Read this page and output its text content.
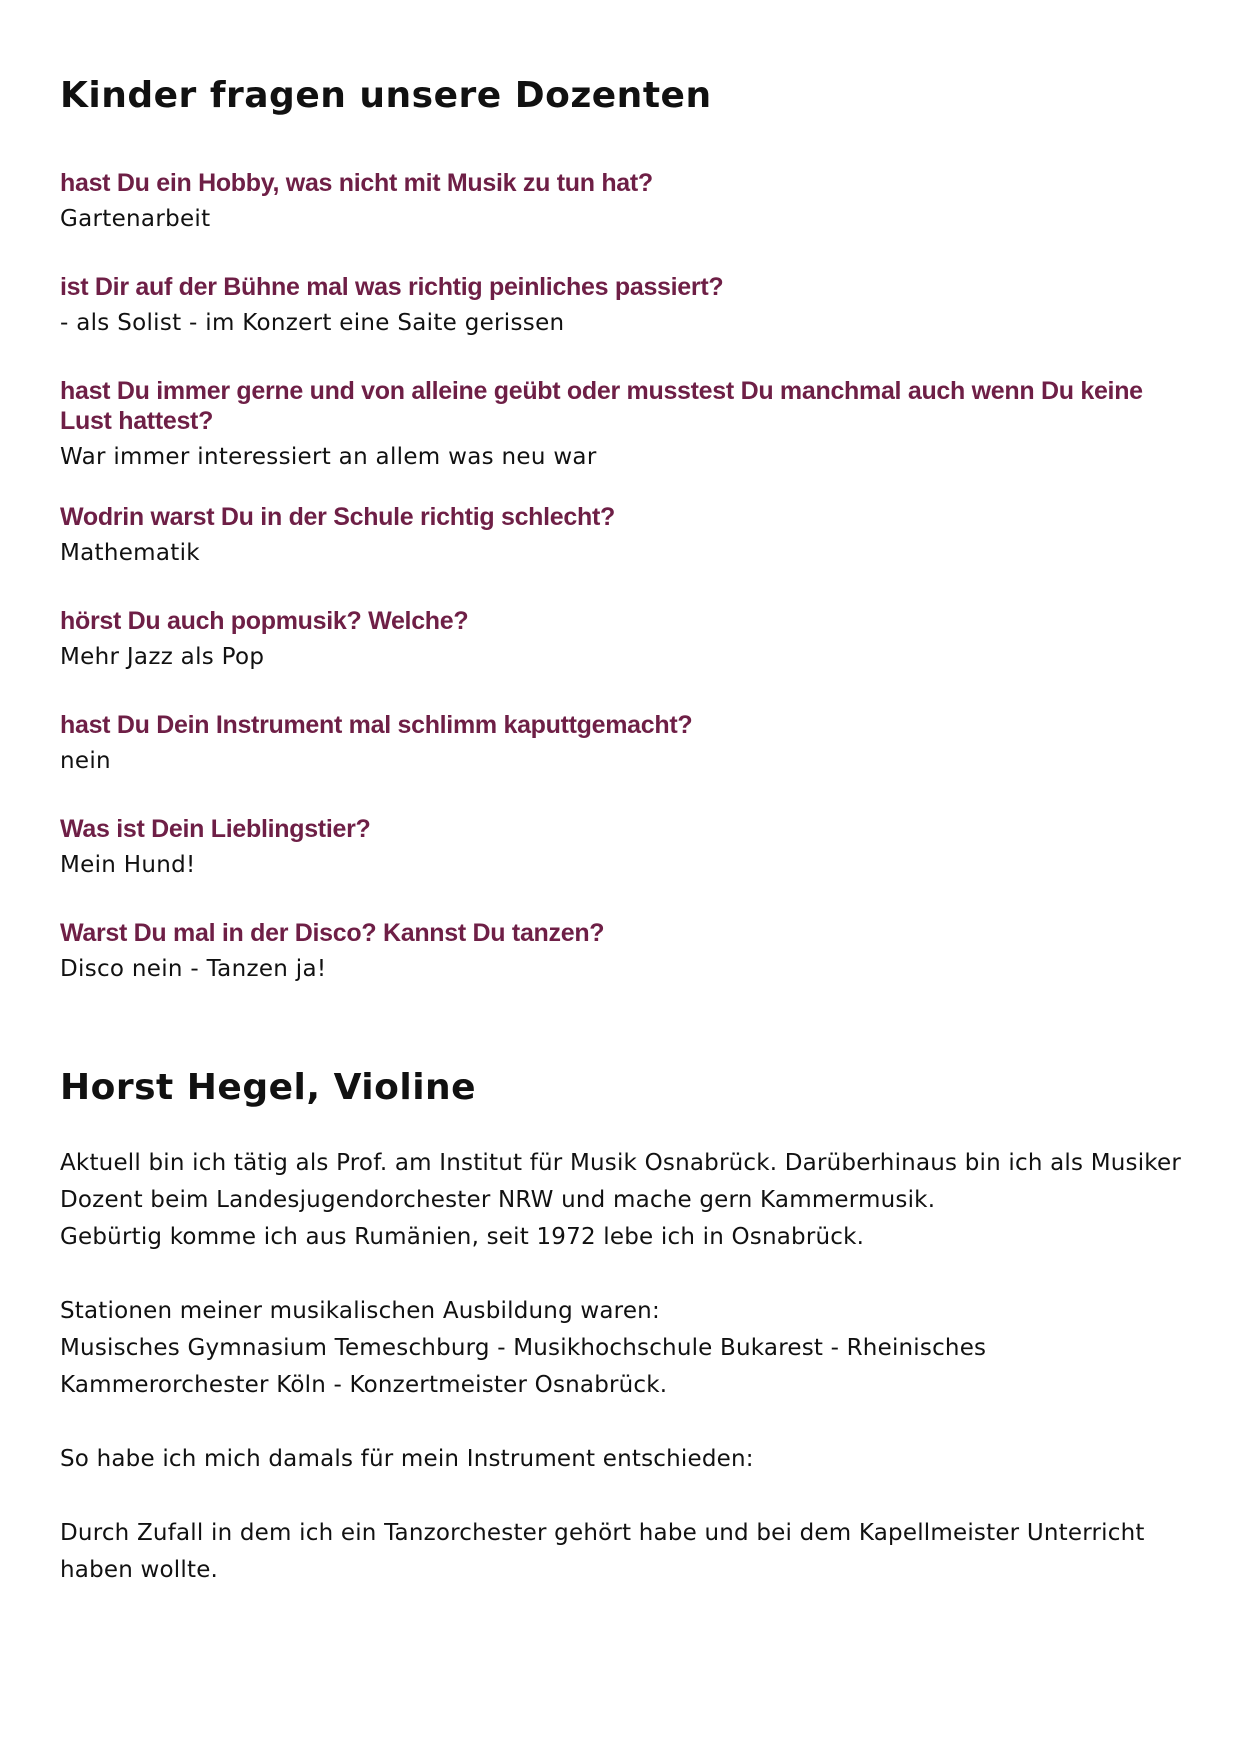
Kinder fragen unsere Dozenten
hast Du ein Hobby, was nicht mit Musik zu tun hat?
Gartenarbeit
ist Dir auf der Bühne mal was richtig peinliches passiert?
- als Solist - im Konzert eine Saite gerissen
hast Du immer gerne und von alleine geübt oder musstest Du manchmal auch wenn Du keine Lust hattest?
War immer interessiert an allem was neu war
Wodrin warst Du in der Schule richtig schlecht?
Mathematik
hörst Du auch popmusik? Welche?
Mehr Jazz als Pop
hast Du Dein Instrument mal schlimm kaputtgemacht?
nein
Was ist Dein Lieblingstier?
Mein Hund!
Warst Du mal in der Disco? Kannst Du tanzen?
Disco nein - Tanzen ja!
Horst Hegel, Violine

Aktuell bin ich tätig als Prof. am Institut für Musik Osnabrück. Darüberhinaus bin ich als Musiker Dozent beim Landesjugendorchester NRW und mache gern Kammermusik.

Gebürtig komme ich aus Rumänien, seit 1972 lebe ich in Osnabrück.

Stationen meiner musikalischen Ausbildung waren:

Musisches Gymnasium Temeschburg - Musikhochschule Bukarest - Rheinisches Kammerorchester Köln - Konzertmeister Osnabrück.

So habe ich mich damals für mein Instrument entschieden:

Durch Zufall in dem ich ein Tanzorchester gehört habe und bei dem Kapellmeister Unterricht haben wollte.
